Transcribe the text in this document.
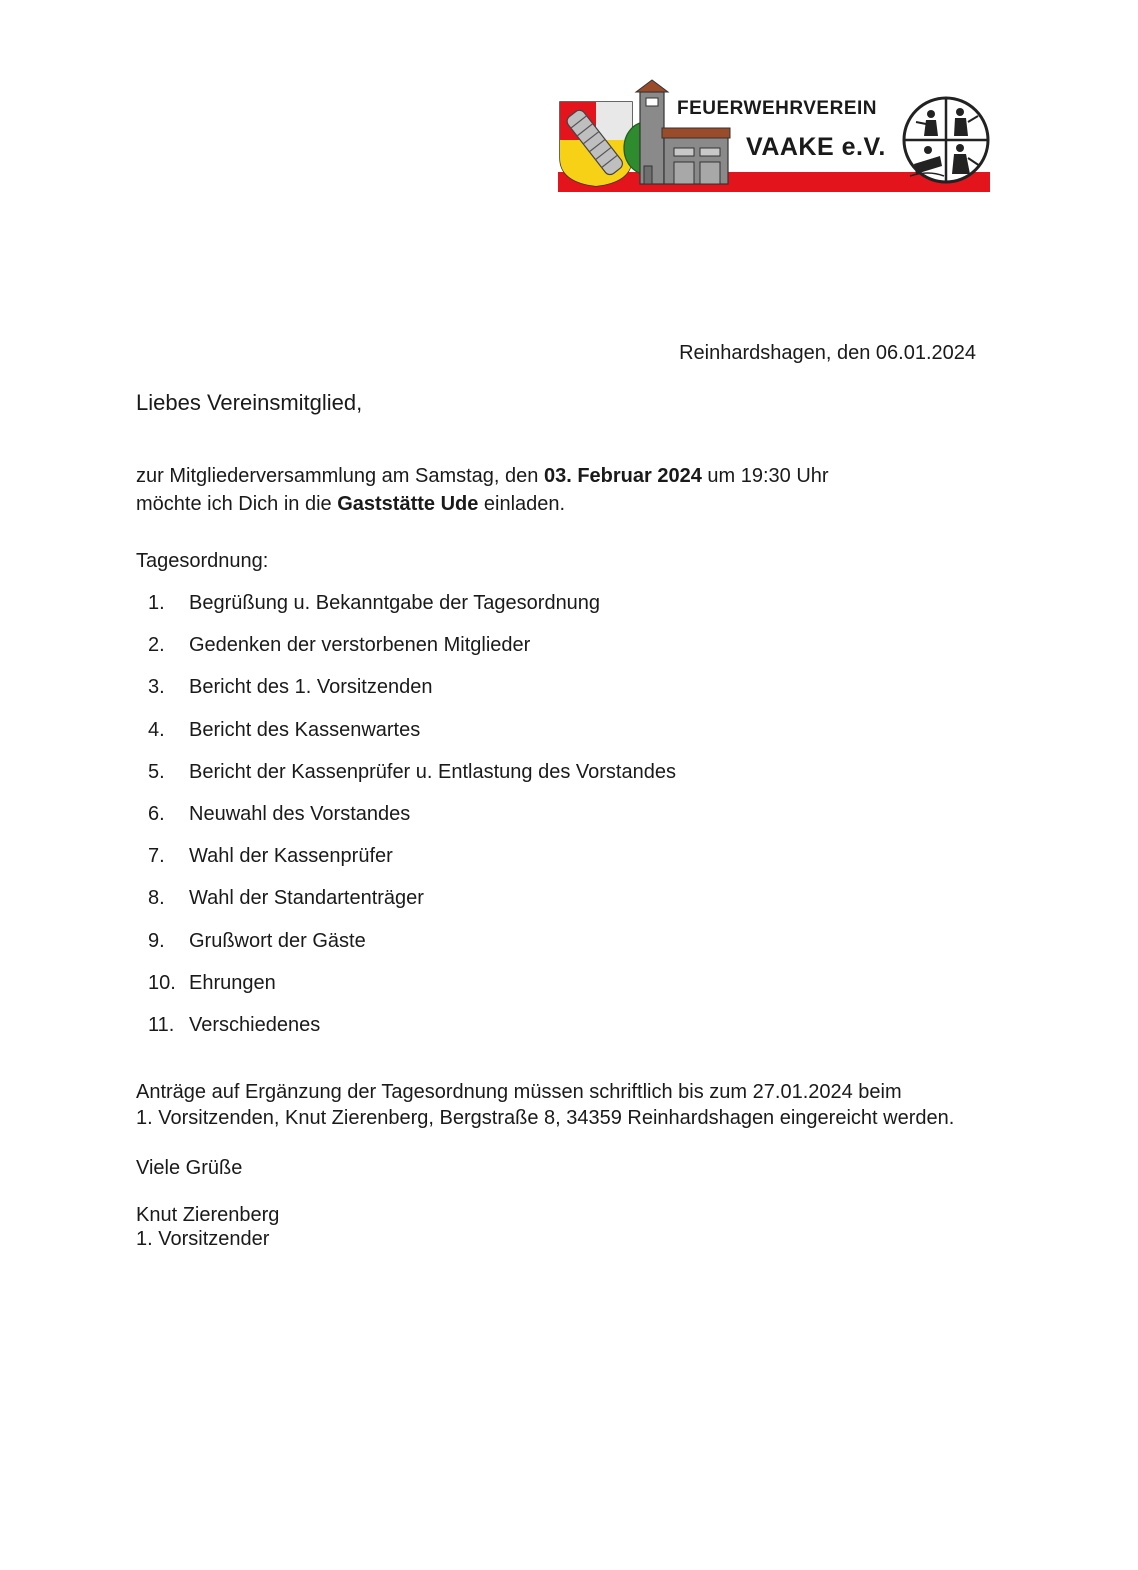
FEUERWEHRVEREIN
VAAKE e.V.
Reinhardshagen, den 06.01.2024
Liebes Vereinsmitglied,

zur Mitgliederversammlung am Samstag, den 03. Februar 2024 um 19:30 Uhr

möchte ich Dich in die Gaststätte Ude einladen.

Tagesordnung:
1.	Begrüßung u. Bekanntgabe der Tagesordnung
2.	Gedenken der verstorbenen Mitglieder
3.	Bericht des 1. Vorsitzenden
4.	Bericht des Kassenwartes
5.	Bericht der Kassenprüfer u. Entlastung des Vorstandes
6.	Neuwahl des Vorstandes
7.	Wahl der Kassenprüfer
8.	Wahl der Standartenträger
9.	Grußwort der Gäste
10. Ehrungen
11. Verschiedenes

Anträge auf Ergänzung der Tagesordnung müssen schriftlich bis zum 27.01.2024 beim

1. Vorsitzenden, Knut Zierenberg, Bergstraße 8, 34359 Reinhardshagen eingereicht werden.

Viele Grüße
Knut Zierenberg
1. Vorsitzender
